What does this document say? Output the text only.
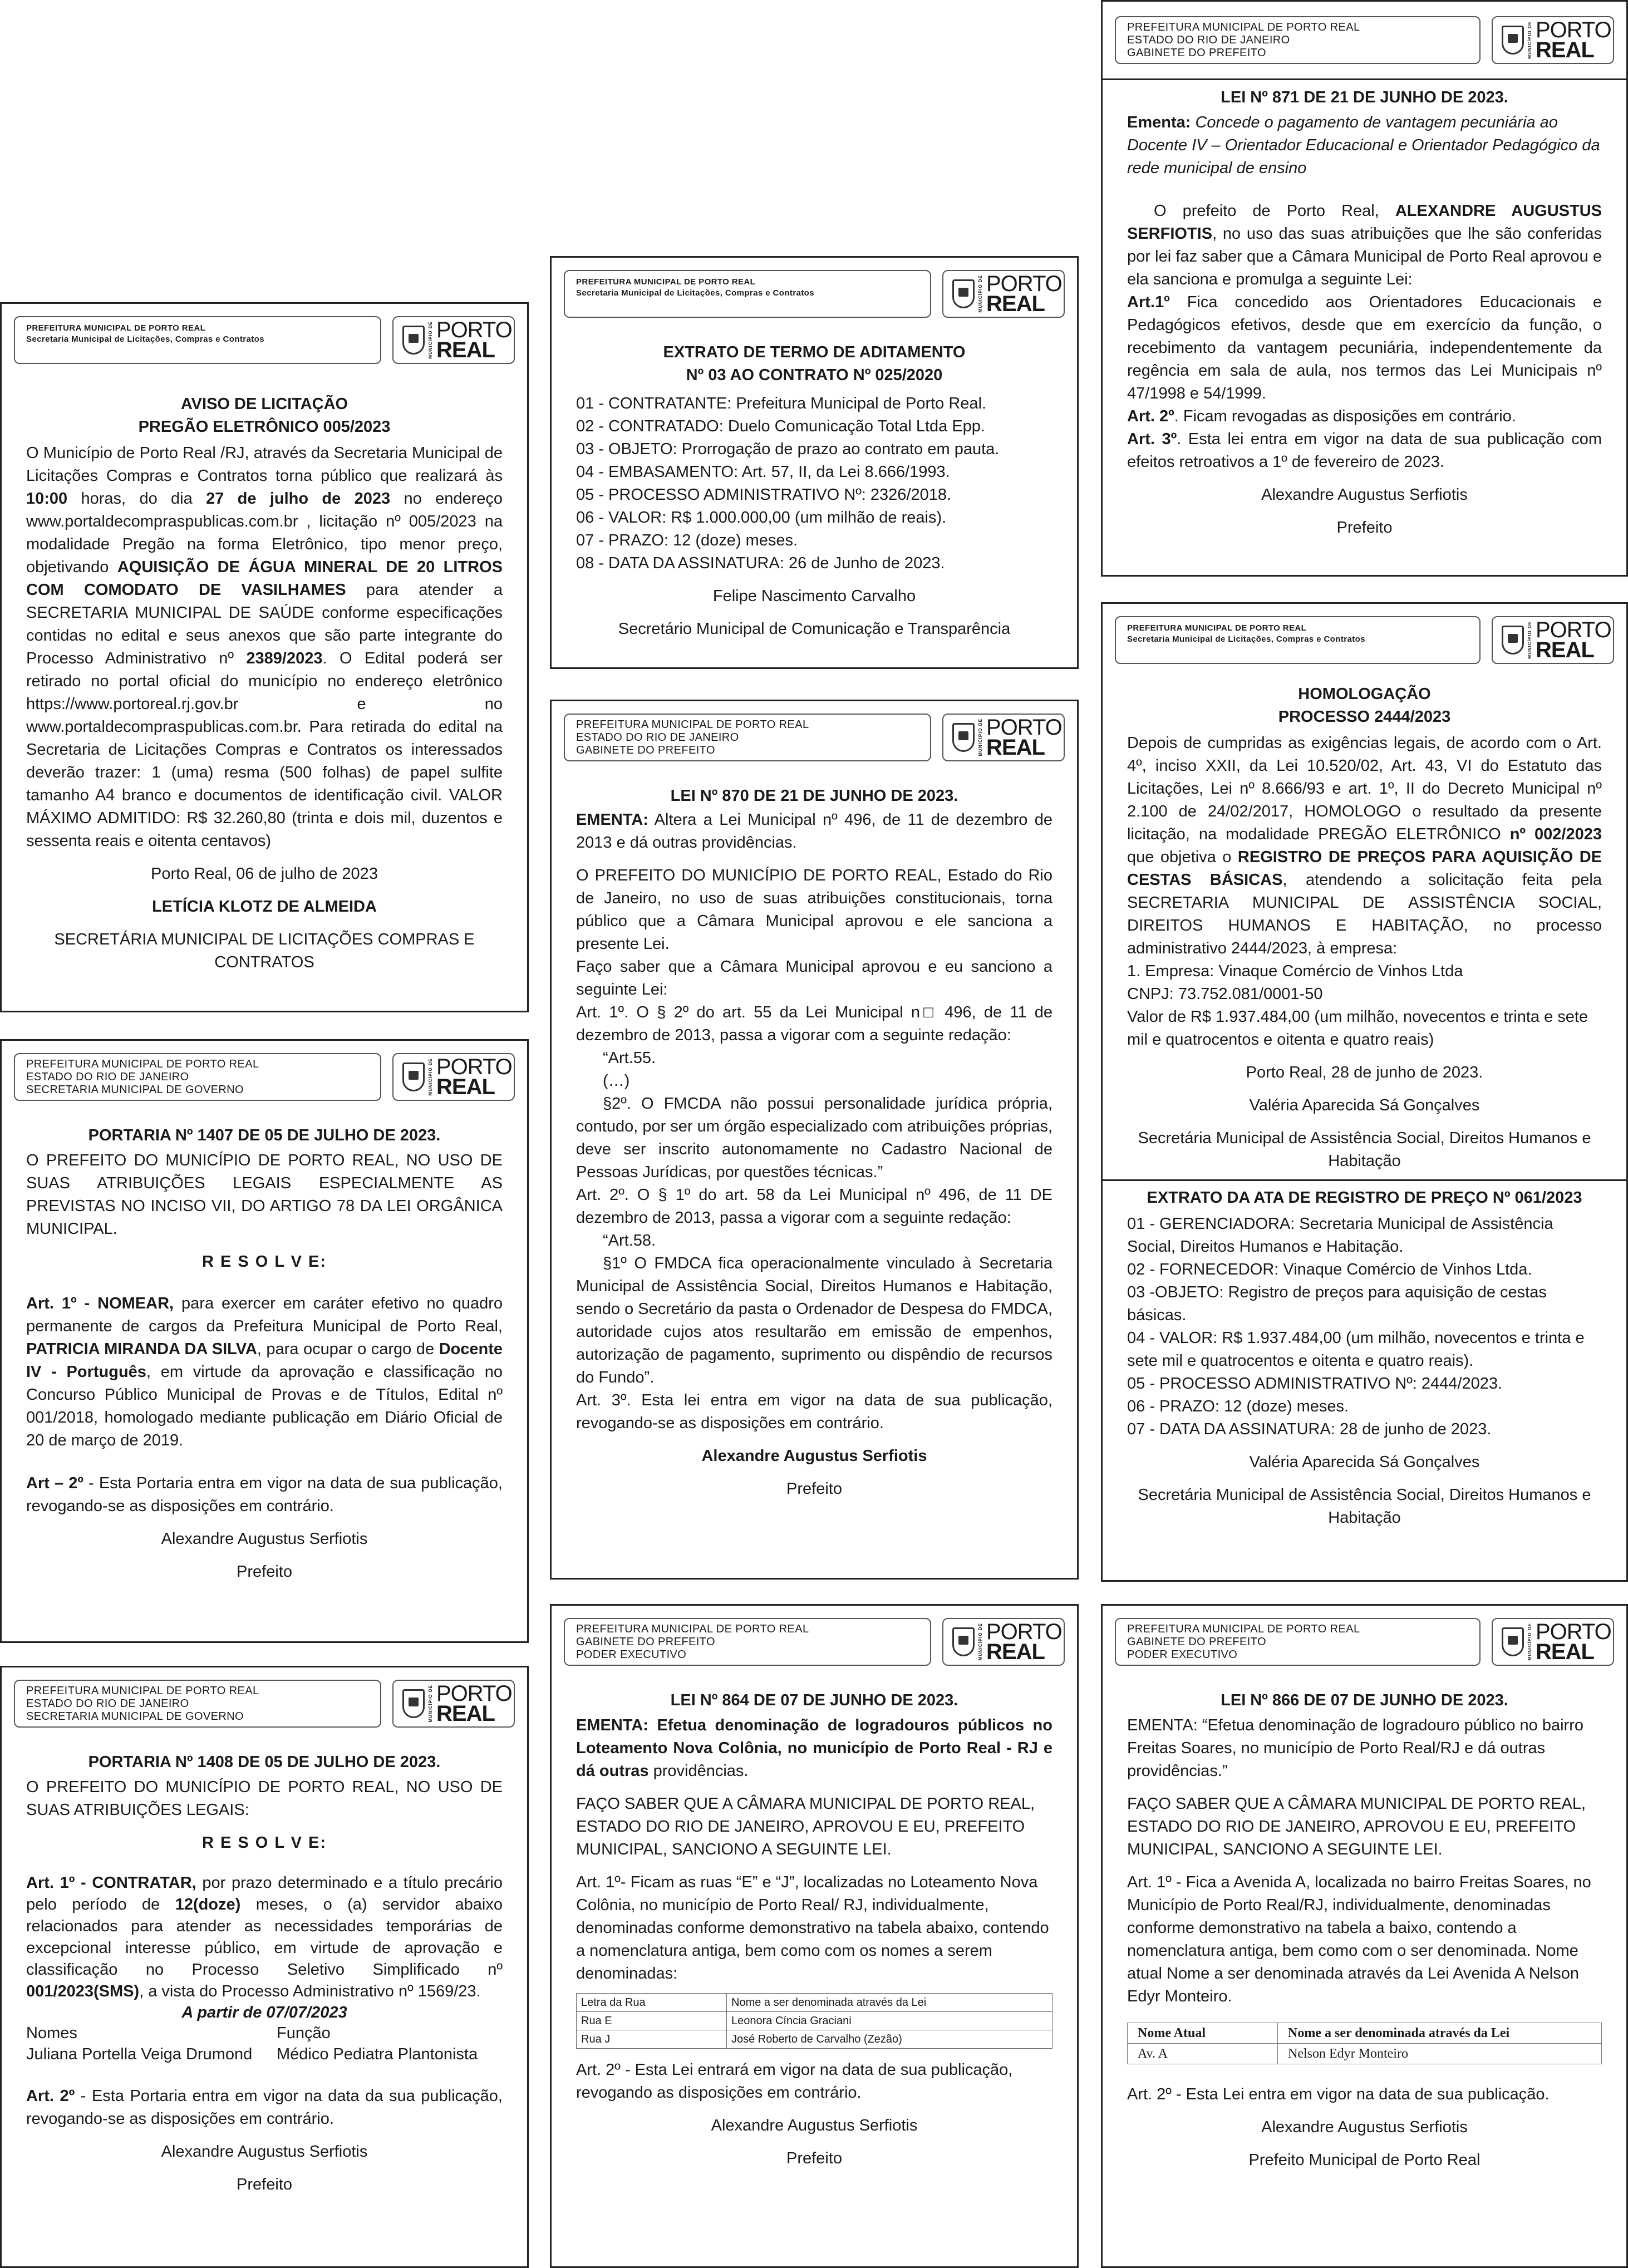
PREFEITURA MUNICIPAL DE PORTO REAL
Secretaria Municipal de Licitações, Compras e Contratos	MUNICÍPIO DE PORTO
REAL

AVISO DE LICITAÇÃO

PREGÃO ELETRÔNICO 005/2023

O Município de Porto Real /RJ, através da Secretaria Municipal de Licitações Compras e Contratos torna público que realizará às 10:00 horas, do dia 27 de julho de 2023 no endereço www.portaldecompraspublicas.com.br , licitação nº 005/2023 na modalidade Pregão na forma Eletrônico, tipo menor preço, objetivando AQUISIÇÃO DE ÁGUA MINERAL DE 20 LITROS COM COMODATO DE VASILHAMES para atender a SECRETARIA MUNICIPAL DE SAÚDE conforme especificações contidas no edital e seus anexos que são parte integrante do Processo Administrativo nº 2389/2023. O Edital poderá ser retirado no portal oficial do município no endereço eletrônico https://www.portoreal.rj.gov.br e no www.portaldecompraspublicas.com.br. Para retirada do edital na Secretaria de Licitações Compras e Contratos os interessados deverão trazer: 1 (uma) resma (500 folhas) de papel sulfite tamanho A4 branco e documentos de identificação civil. VALOR MÁXIMO ADMITIDO: R$ 32.260,80 (trinta e dois mil, duzentos e sessenta reais e oitenta centavos)

Porto Real, 06 de julho de 2023

LETÍCIA KLOTZ DE ALMEIDA

SECRETÁRIA MUNICIPAL DE LICITAÇÕES COMPRAS E CONTRATOS

PREFEITURA MUNICIPAL DE PORTO REAL
ESTADO DO RIO DE JANEIRO
SECRETARIA MUNICIPAL DE GOVERNO	MUNICÍPIO DE PORTO
REAL

PORTARIA Nº 1407 DE 05 DE JULHO DE 2023.

O PREFEITO DO MUNICÍPIO DE PORTO REAL, NO USO DE SUAS ATRIBUIÇÕES LEGAIS ESPECIALMENTE AS PREVISTAS NO INCISO VII, DO ARTIGO 78 DA LEI ORGÂNICA MUNICIPAL.

R E S O L V E:

Art. 1º - NOMEAR, para exercer em caráter efetivo no quadro permanente de cargos da Prefeitura Municipal de Porto Real, PATRICIA MIRANDA DA SILVA, para ocupar o cargo de Docente IV - Português, em virtude da aprovação e classificação no Concurso Público Municipal de Provas e de Títulos, Edital nº 001/2018, homologado mediante publicação em Diário Oficial de 20 de março de 2019.

Art – 2º - Esta Portaria entra em vigor na data de sua publicação, revogando-se as disposições em contrário.

Alexandre Augustus Serfiotis

Prefeito

PREFEITURA MUNICIPAL DE PORTO REAL
ESTADO DO RIO DE JANEIRO
SECRETARIA MUNICIPAL DE GOVERNO	MUNICÍPIO DE PORTO
REAL

PORTARIA Nº 1408 DE 05 DE JULHO DE 2023.

O PREFEITO DO MUNICÍPIO DE PORTO REAL, NO USO DE SUAS ATRIBUIÇÕES LEGAIS:

R E S O L V E:

Art. 1º - CONTRATAR, por prazo determinado e a título precário pelo período de 12(doze) meses, o (a) servidor abaixo relacionados para atender as necessidades temporárias de excepcional interesse público, em virtude de aprovação e classificação no Processo Seletivo Simplificado nº 001/2023(SMS), a vista do Processo Administrativo nº 1569/23.

A partir de 07/07/2023

Nomes	Função
Juliana Portella Veiga Drumond	Médico Pediatra Plantonista

Art. 2º - Esta Portaria entra em vigor na data da sua publicação, revogando-se as disposições em contrário.

Alexandre Augustus Serfiotis

Prefeito

PREFEITURA MUNICIPAL DE PORTO REAL
Secretaria Municipal de Licitações, Compras e Contratos	MUNICÍPIO DE PORTO
REAL

EXTRATO DE TERMO DE ADITAMENTO

Nº 03 AO CONTRATO Nº 025/2020

01 - CONTRATANTE: Prefeitura Municipal de Porto Real.

02 - CONTRATADO: Duelo Comunicação Total Ltda Epp.

03 - OBJETO: Prorrogação de prazo ao contrato em pauta.

04 - EMBASAMENTO: Art. 57, II, da Lei 8.666/1993.

05 - PROCESSO ADMINISTRATIVO Nº: 2326/2018.

06 - VALOR: R$ 1.000.000,00 (um milhão de reais).

07 - PRAZO: 12 (doze) meses.

08 - DATA DA ASSINATURA: 26 de Junho de 2023.

Felipe Nascimento Carvalho

Secretário Municipal de Comunicação e Transparência

PREFEITURA MUNICIPAL DE PORTO REAL
ESTADO DO RIO DE JANEIRO
GABINETE DO PREFEITO	MUNICÍPIO DE PORTO
REAL

LEI Nº 870 DE 21 DE JUNHO DE 2023.

EMENTA: Altera a Lei Municipal nº 496, de 11 de dezembro de 2013 e dá outras providências.

O PREFEITO DO MUNICÍPIO DE PORTO REAL, Estado do Rio de Janeiro, no uso de suas atribuições constitucionais, torna público que a Câmara Municipal aprovou e ele sanciona a presente Lei.

Faço saber que a Câmara Municipal aprovou e eu sanciono a seguinte Lei:

Art. 1º. O § 2º do art. 55 da Lei Municipal n□ 496, de 11 de dezembro de 2013, passa a vigorar com a seguinte redação:

“Art.55.

(…)

§2º. O FMCDA não possui personalidade jurídica própria, contudo, por ser um órgão especializado com atribuições próprias, deve ser inscrito autonomamente no Cadastro Nacional de Pessoas Jurídicas, por questões técnicas.”

Art. 2º. O § 1º do art. 58 da Lei Municipal nº 496, de 11 DE dezembro de 2013, passa a vigorar com a seguinte redação:

“Art.58.

§1º O FMDCA fica operacionalmente vinculado à Secretaria Municipal de Assistência Social, Direitos Humanos e Habitação, sendo o Secretário da pasta o Ordenador de Despesa do FMDCA, autoridade cujos atos resultarão em emissão de empenhos, autorização de pagamento, suprimento ou dispêndio de recursos do Fundo”.

Art. 3º. Esta lei entra em vigor na data de sua publicação, revogando-se as disposições em contrário.

Alexandre Augustus Serfiotis

Prefeito

PREFEITURA MUNICIPAL DE PORTO REAL
GABINETE DO PREFEITO
PODER EXECUTIVO	MUNICÍPIO DE PORTO
REAL

LEI Nº 864 DE 07 DE JUNHO DE 2023.

EMENTA: Efetua denominação de logradouros públicos no Loteamento Nova Colônia, no município de Porto Real - RJ e dá outras providências.

FAÇO SABER QUE A CÂMARA MUNICIPAL DE PORTO REAL, ESTADO DO RIO DE JANEIRO, APROVOU E EU, PREFEITO MUNICIPAL, SANCIONO A SEGUINTE LEI.

Art. 1º- Ficam as ruas “E” e “J”, localizadas no Loteamento Nova Colônia, no município de Porto Real/ RJ, individualmente, denominadas conforme demonstrativo na tabela abaixo, contendo a nomenclatura antiga, bem como com os nomes a serem denominadas:

Letra da Rua	Nome a ser denominada através da Lei
Rua E	Leonora Cíncia Graciani
Rua J	José Roberto de Carvalho (Zezão)

Art. 2º - Esta Lei entrará em vigor na data de sua publicação, revogando as disposições em contrário.

Alexandre Augustus Serfiotis

Prefeito

PREFEITURA MUNICIPAL DE PORTO REAL
ESTADO DO RIO DE JANEIRO
GABINETE DO PREFEITO	MUNICÍPIO DE PORTO
REAL

LEI Nº 871 DE 21 DE JUNHO DE 2023.

Ementa: Concede o pagamento de vantagem pecuniária ao Docente IV – Orientador Educacional e Orientador Pedagógico da rede municipal de ensino

O prefeito de Porto Real, ALEXANDRE AUGUSTUS SERFIOTIS, no uso das suas atribuições que lhe são conferidas por lei faz saber que a Câmara Municipal de Porto Real aprovou e ela sanciona e promulga a seguinte Lei:

Art.1º Fica concedido aos Orientadores Educacionais e Pedagógicos efetivos, desde que em exercício da função, o recebimento da vantagem pecuniária, independentemente da regência em sala de aula, nos termos das Lei Municipais nº 47/1998 e 54/1999.

Art. 2º. Ficam revogadas as disposições em contrário.

Art. 3º. Esta lei entra em vigor na data de sua publicação com efeitos retroativos a 1º de fevereiro de 2023.

Alexandre Augustus Serfiotis

Prefeito

PREFEITURA MUNICIPAL DE PORTO REAL
Secretaria Municipal de Licitações, Compras e Contratos	MUNICÍPIO DE PORTO
REAL

HOMOLOGAÇÃO

PROCESSO 2444/2023

Depois de cumpridas as exigências legais, de acordo com o Art. 4º, inciso XXII, da Lei 10.520/02, Art. 43, VI do Estatuto das Licitações, Lei nº 8.666/93 e art. 1º, II do Decreto Municipal nº 2.100 de 24/02/2017, HOMOLOGO o resultado da presente licitação, na modalidade PREGÃO ELETRÔNICO nº 002/2023 que objetiva o REGISTRO DE PREÇOS PARA AQUISIÇÃO DE CESTAS BÁSICAS, atendendo a solicitação feita pela SECRETARIA MUNICIPAL DE ASSISTÊNCIA SOCIAL, DIREITOS HUMANOS E HABITAÇÃO, no processo administrativo 2444/2023, à empresa:

1. Empresa: Vinaque Comércio de Vinhos Ltda

CNPJ: 73.752.081/0001-50

Valor de R$ 1.937.484,00 (um milhão, novecentos e trinta e sete mil e quatrocentos e oitenta e quatro reais)

Porto Real, 28 de junho de 2023.

Valéria Aparecida Sá Gonçalves

Secretária Municipal de Assistência Social, Direitos Humanos e Habitação

EXTRATO DA ATA DE REGISTRO DE PREÇO Nº 061/2023

01 - GERENCIADORA: Secretaria Municipal de Assistência Social, Direitos Humanos e Habitação.

02 - FORNECEDOR: Vinaque Comércio de Vinhos Ltda.

03 -OBJETO: Registro de preços para aquisição de cestas básicas.

04 - VALOR: R$ 1.937.484,00 (um milhão, novecentos e trinta e sete mil e quatrocentos e oitenta e quatro reais).

05 - PROCESSO ADMINISTRATIVO Nº: 2444/2023.

06 - PRAZO: 12 (doze) meses.

07 - DATA DA ASSINATURA: 28 de junho de 2023.

Valéria Aparecida Sá Gonçalves

Secretária Municipal de Assistência Social, Direitos Humanos e Habitação

PREFEITURA MUNICIPAL DE PORTO REAL
GABINETE DO PREFEITO
PODER EXECUTIVO	MUNICÍPIO DE PORTO
REAL

LEI Nº 866 DE 07 DE JUNHO DE 2023.

EMENTA: “Efetua denominação de logradouro público no bairro Freitas Soares, no município de Porto Real/RJ e dá outras providências.”

FAÇO SABER QUE A CÂMARA MUNICIPAL DE PORTO REAL, ESTADO DO RIO DE JANEIRO, APROVOU E EU, PREFEITO MUNICIPAL, SANCIONO A SEGUINTE LEI.

Art. 1º - Fica a Avenida A, localizada no bairro Freitas Soares, no Município de Porto Real/RJ, individualmente, denominadas conforme demonstrativo na tabela a baixo, contendo a nomenclatura antiga, bem como com o ser denominada. Nome atual Nome a ser denominada através da Lei Avenida A Nelson Edyr Monteiro.

Nome Atual	Nome a ser denominada através da Lei
Av. A	Nelson Edyr Monteiro

Art. 2º - Esta Lei entra em vigor na data de sua publicação.

Alexandre Augustus Serfiotis

Prefeito Municipal de Porto Real
